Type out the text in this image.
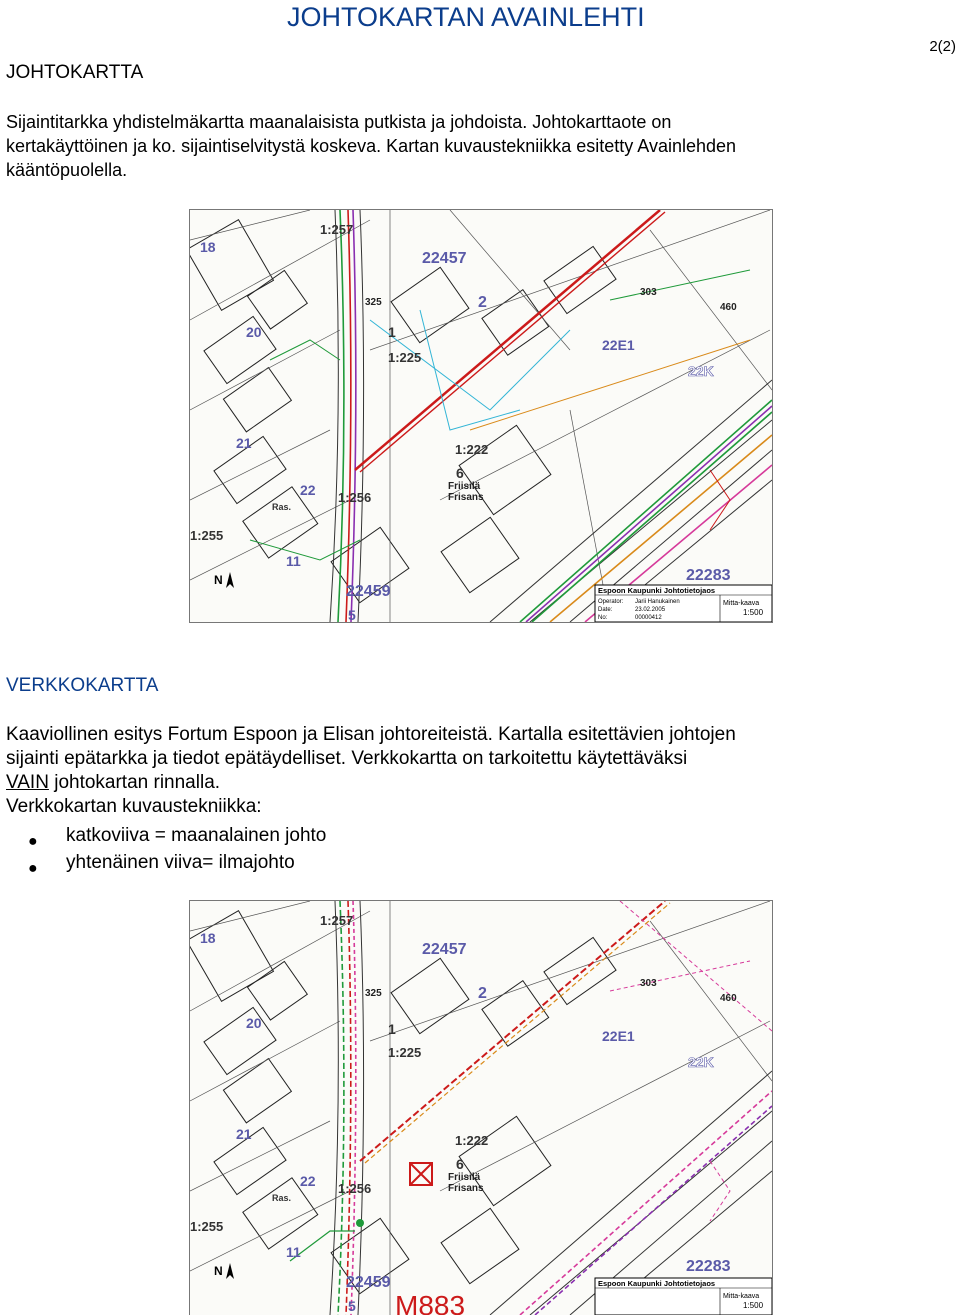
JOHTOKARTAN AVAINLEHTI
2(2)
JOHTOKARTTA
Sijaintitarkka yhdistelmäkartta maanalaisista putkista ja johdoista. Johtokarttaote on
kertakäyttöinen ja ko. sijaintiselvitystä koskeva. Kartan kuvaustekniikka esitetty Avainlehden
kääntöpuolella.
18
20
21
22
22457
2
1:257
1
1:225
325
303
460
22E1
22K
1:222
6
Friisilä
Frisans
1:256
1:255
11
22459
5
22283
Ras.
N
Espoon Kaupunki Johtotietojaos
Operator: Jarii Hanukainen
Date:	23.02.2005
No:	00000412
Mitta-kaava
1:500
VERKKOKARTTA
Kaaviollinen esitys Fortum Espoon ja Elisan johtoreiteistä. Kartalla esitettävien johtojen
sijainti epätarkka ja tiedot epätäydelliset. Verkkokartta on tarkoitettu käytettäväksi
VAIN johtokartan rinnalla.
Verkkokartan kuvaustekniikka:
● katkoviiva = maanalainen johto
● yhtenäinen viiva= ilmajohto
18
20
21
22
22457
2
1:257
1
1:225
325
303
460
22E1
22K
1:222
6
Friisilä
Frisans
1:256
1:255
11
22459
5
22283
Ras.
N
M883
Espoon Kaupunki Johtotietojaos
Mitta-kaava
1:500
